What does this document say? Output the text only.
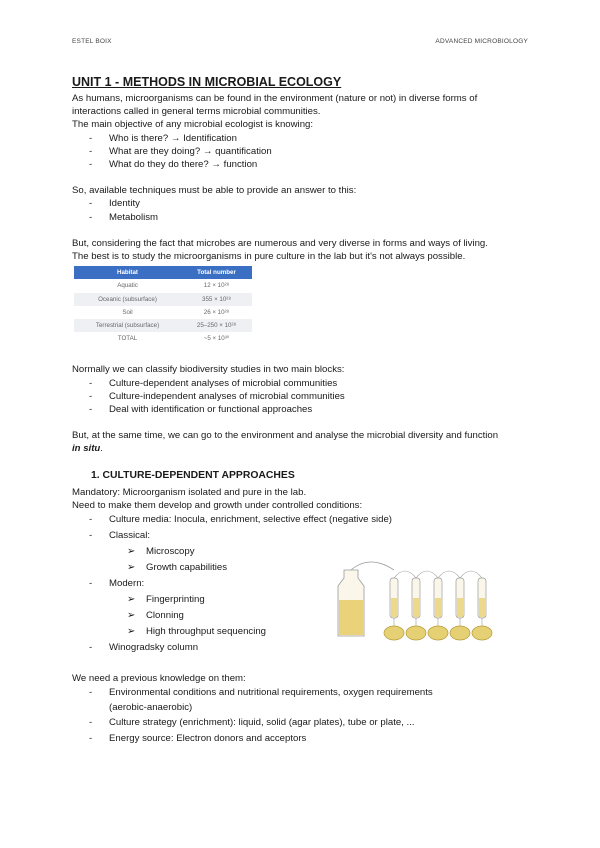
ESTEL BOIX	ADVANCED MICROBIOLOGY
UNIT 1 - METHODS IN MICROBIAL ECOLOGY

As humans, microorganisms can be found in the environment (nature or not) in diverse forms of

interactions called in general terms microbial communities.

The main objective of any microbial ecologist is knowing:

- Who is there? → Identification
- What are they doing? → quantification
- What do they do there? → function

So, available techniques must be able to provide an answer to this:

- Identity
- Metabolism

But, considering the fact that microbes are numerous and very diverse in forms and ways of living.

The best is to study the microorganisms in pure culture in the lab but it's not always possible.

Habitat	Total number
Aquatic	12 × 10²⁸
Oceanic (subsurface)	355 × 10²⁸
Soil	26 × 10²⁸
Terrestrial (subsurface)	25–250 × 10²⁸
TOTAL	~5 × 10³⁰

Normally we can classify biodiversity studies in two main blocks:

- Culture-dependent analyses of microbial communities
- Culture-independent analyses of microbial communities
- Deal with identification or functional approaches

But, at the same time, we can go to the environment and analyse the microbial diversity and function

in situ.

1. CULTURE-DEPENDENT APPROACHES

Mandatory: Microorganism isolated and pure in the lab.

Need to make them develop and growth under controlled conditions:

- Culture media: Inocula, enrichment, selective effect (negative side)
- Classical:
➢ Microscopy
➢ Growth capabilities
- Modern:
➢ Fingerprinting
➢ Clonning
➢ High throughput sequencing
- Winogradsky column

We need a previous knowledge on them:

- Environmental conditions and nutritional requirements, oxygen requirements
(aerobic-anaerobic)
- Culture strategy (enrichment): liquid, solid (agar plates), tube or plate, ...
- Energy source: Electron donors and acceptors
